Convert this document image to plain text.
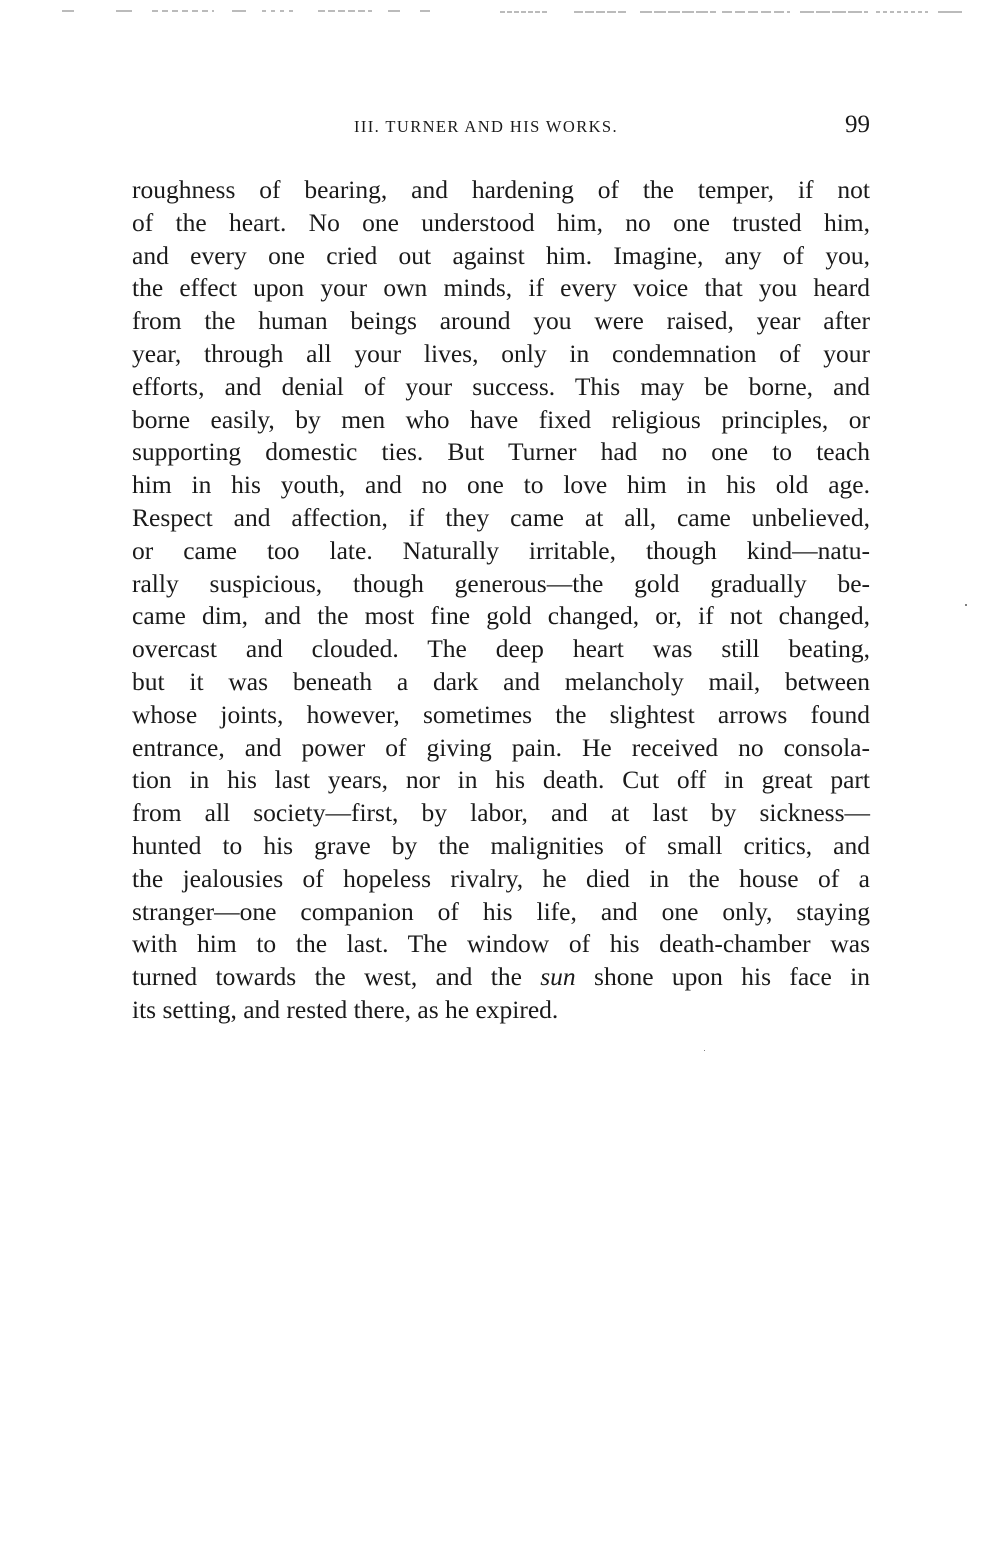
III. TURNER AND HIS WORKS.	99
roughness of bearing, and hardening of the temper, if not
of the heart. No one understood him, no one trusted him,
and every one cried out against him. Imagine, any of you,
the effect upon your own minds, if every voice that you heard
from the human beings around you were raised, year after
year, through all your lives, only in condemnation of your
efforts, and denial of your success. This may be borne, and
borne easily, by men who have fixed religious principles, or
supporting domestic ties. But Turner had no one to teach
him in his youth, and no one to love him in his old age.
Respect and affection, if they came at all, came unbelieved,
or came too late. Naturally irritable, though kind—natu-
rally suspicious, though generous—the gold gradually be-
came dim, and the most fine gold changed, or, if not changed,
overcast and clouded. The deep heart was still beating,
but it was beneath a dark and melancholy mail, between
whose joints, however, sometimes the slightest arrows found
entrance, and power of giving pain. He received no consola-
tion in his last years, nor in his death. Cut off in great part
from all society—first, by labor, and at last by sickness—
hunted to his grave by the malignities of small critics, and
the jealousies of hopeless rivalry, he died in the house of a
stranger—one companion of his life, and one only, staying
with him to the last. The window of his death-chamber was
turned towards the west, and the sun shone upon his face in
its setting, and rested there, as he expired.
